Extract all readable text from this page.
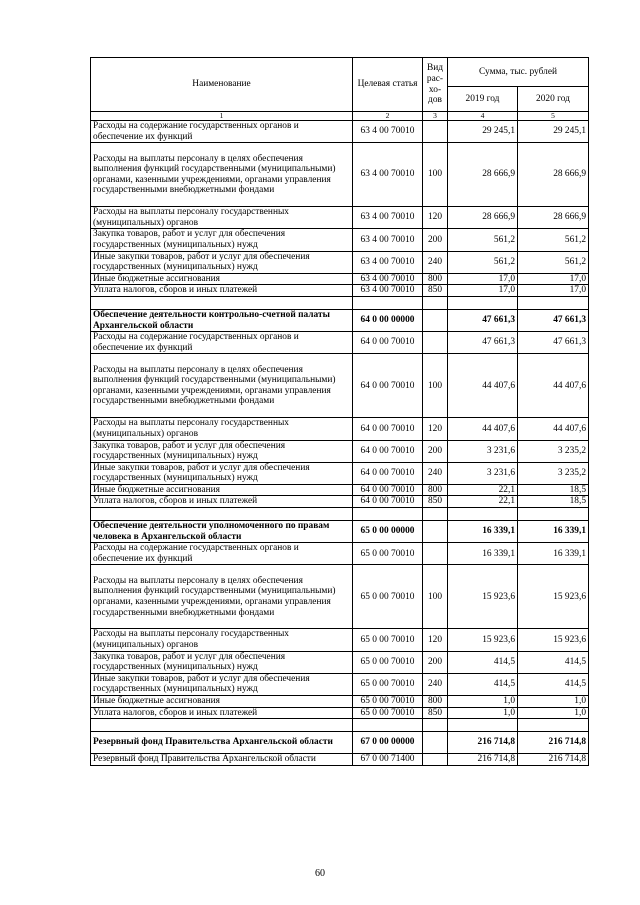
Наименование	Целевая статья	Вид рас-хо-дов	Сумма, тыс. рублей	
			2019 год	2020 год
1	2	3	4	5
Расходы на содержание государственных органов и обеспечение их функций	63 4 00 70010		29 245,1	29 245,1
Расходы на выплаты персоналу в целях обеспечения выполнения функций государственными (муниципальными) органами, казенными учреждениями, органами управления государственными внебюджетными фондами	63 4 00 70010	100	28 666,9	28 666,9
Расходы на выплаты персоналу государственных (муниципальных) органов	63 4 00 70010	120	28 666,9	28 666,9
Закупка товаров, работ и услуг для обеспечения государственных (муниципальных) нужд	63 4 00 70010	200	561,2	561,2
Иные закупки товаров, работ и услуг для обеспечения государственных (муниципальных) нужд	63 4 00 70010	240	561,2	561,2
Иные бюджетные ассигнования	63 4 00 70010	800	17,0	17,0
Уплата налогов, сборов и иных платежей	63 4 00 70010	850	17,0	17,0

Обеспечение деятельности контрольно-счетной палаты Архангельской области	64 0 00 00000		47 661,3	47 661,3
Расходы на содержание государственных органов и обеспечение их функций	64 0 00 70010		47 661,3	47 661,3
Расходы на выплаты персоналу в целях обеспечения выполнения функций государственными (муниципальными) органами, казенными учреждениями, органами управления государственными внебюджетными фондами	64 0 00 70010	100	44 407,6	44 407,6
Расходы на выплаты персоналу государственных (муниципальных) органов	64 0 00 70010	120	44 407,6	44 407,6
Закупка товаров, работ и услуг для обеспечения государственных (муниципальных) нужд	64 0 00 70010	200	3 231,6	3 235,2
Иные закупки товаров, работ и услуг для обеспечения государственных (муниципальных) нужд	64 0 00 70010	240	3 231,6	3 235,2
Иные бюджетные ассигнования	64 0 00 70010	800	22,1	18,5
Уплата налогов, сборов и иных платежей	64 0 00 70010	850	22,1	18,5

Обеспечение деятельности уполномоченного по правам человека в Архангельской области	65 0 00 00000		16 339,1	16 339,1
Расходы на содержание государственных органов и обеспечение их функций	65 0 00 70010		16 339,1	16 339,1
Расходы на выплаты персоналу в целях обеспечения выполнения функций государственными (муниципальными) органами, казенными учреждениями, органами управления государственными внебюджетными фондами	65 0 00 70010	100	15 923,6	15 923,6
Расходы на выплаты персоналу государственных (муниципальных) органов	65 0 00 70010	120	15 923,6	15 923,6
Закупка товаров, работ и услуг для обеспечения государственных (муниципальных) нужд	65 0 00 70010	200	414,5	414,5
Иные закупки товаров, работ и услуг для обеспечения государственных (муниципальных) нужд	65 0 00 70010	240	414,5	414,5
Иные бюджетные ассигнования	65 0 00 70010	800	1,0	1,0
Уплата налогов, сборов и иных платежей	65 0 00 70010	850	1,0	1,0

Резервный фонд Правительства Архангельской области	67 0 00 00000		216 714,8	216 714,8
Резервный фонд Правительства Архангельской области	67 0 00 71400		216 714,8	216 714,8
60
